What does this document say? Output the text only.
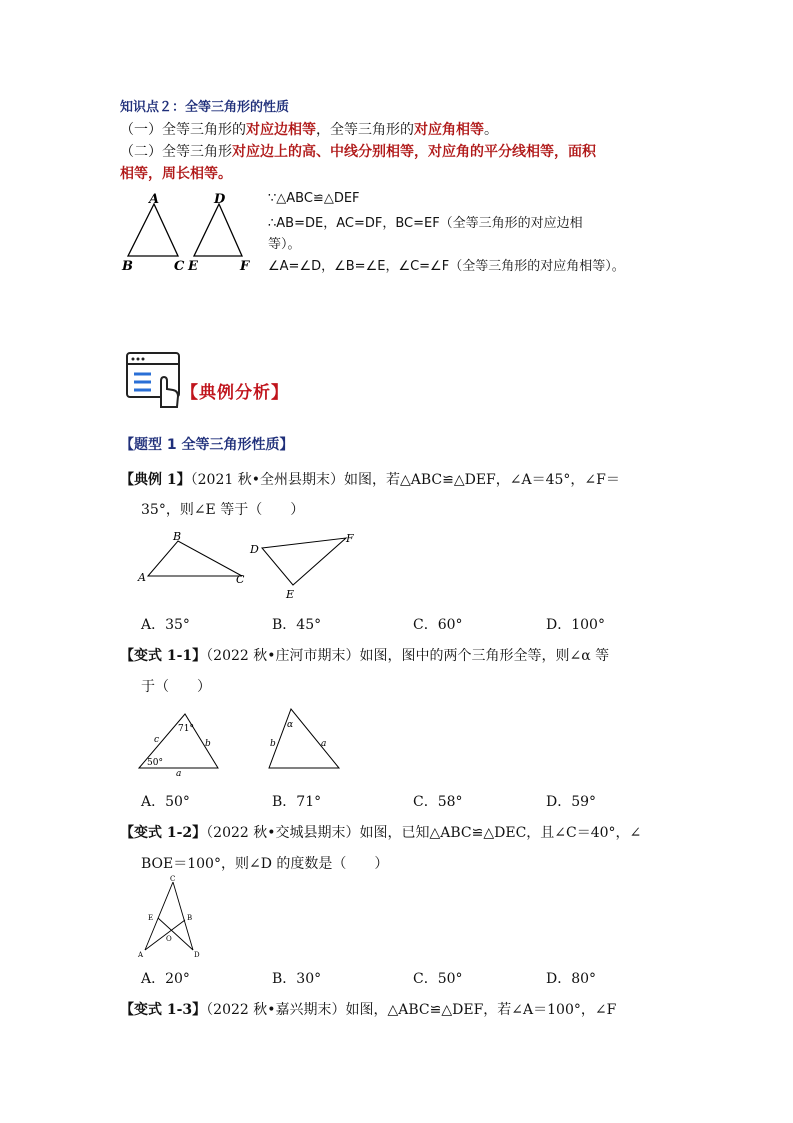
知识点２：全等三角形的性质
（一）全等三角形的对应边相等，全等三角形的对应角相等。
（二）全等三角形对应边上的高、中线分别相等，对应角的平分线相等，面积
相等，周长相等。
A
B	C
D
E	F
∵△ABC≌△DEF
∴AB=DE，AC=DF，BC=EF（全等三角形的对应边相
等）。
∠A=∠D，∠B=∠E，∠C=∠F（全等三角形的对应角相等）。
【典例分析】
【题型 1 全等三角形性质】
【典例 1】（2021 秋•全州县期末）如图，若△ABC≌△DEF，∠A＝45°，∠F＝
35°，则∠E 等于（　　）
A
B
C
D
E
F
A．35°	B．45°	C．60°	D．100°
【变式 1-1】（2022 秋•庄河市期末）如图，图中的两个三角形全等，则∠α 等
于（　　）
71°
50°
c	b
a
α
b	a
A．50°	B．71°	C．58°	D．59°
【变式 1-2】（2022 秋•交城县期末）如图，已知△ABC≌△DEC，且∠C＝40°，∠
BOE＝100°，则∠D 的度数是（　　）
C
E	B
O
A	D
A．20°	B．30°	C．50°	D．80°
【变式 1-3】（2022 秋•嘉兴期末）如图，△ABC≌△DEF，若∠A＝100°，∠F
